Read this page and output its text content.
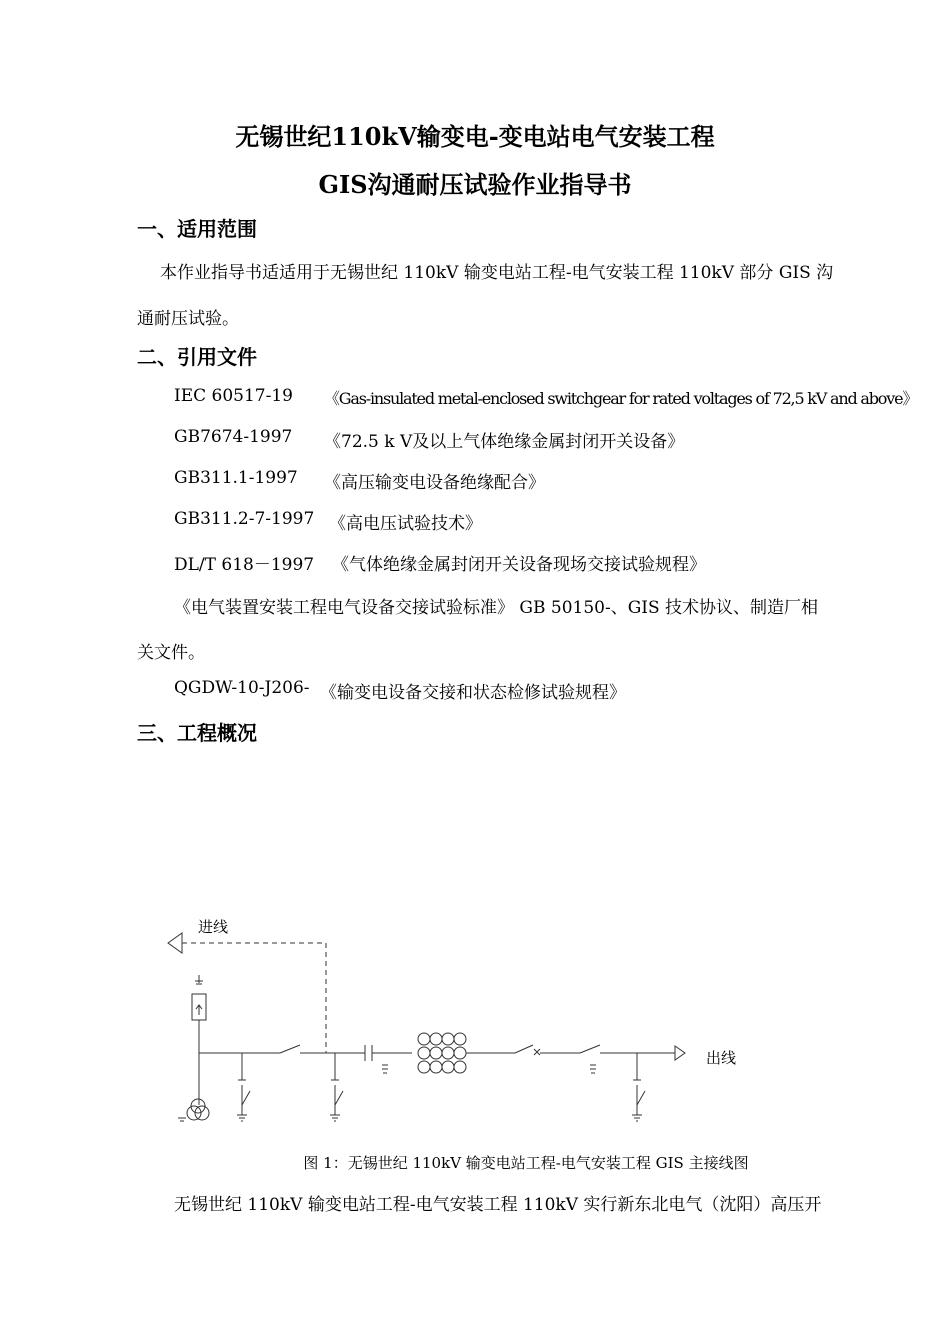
无锡世纪110kV输变电-变电站电气安装工程
GIS沟通耐压试验作业指导书
一、适用范围
本作业指导书适适用于无锡世纪 110kV 输变电站工程-电气安装工程 110kV 部分 GIS 沟
通耐压试验。
二、引用文件
IEC 60517-19 《Gas-insulated metal-enclosed switchgear for rated voltages of 72,5 kV and above》
GB7674-1997 《72.5 k V及以上气体绝缘金属封闭开关设备》
GB311.1-1997 《高压输变电设备绝缘配合》
GB311.2-7-1997 《高电压试验技术》
DL/T 618－1997 《气体绝缘金属封闭开关设备现场交接试验规程》
《电气装置安装工程电气设备交接试验标准》 GB 50150-、GIS 技术协议、制造厂相
关文件。
QGDW-10-J206- 《输变电设备交接和状态检修试验规程》
三、工程概况
进线
出线
图 1：无锡世纪 110kV 输变电站工程-电气安装工程 GIS 主接线图
无锡世纪 110kV 输变电站工程-电气安装工程 110kV 实行新东北电气（沈阳）高压开
